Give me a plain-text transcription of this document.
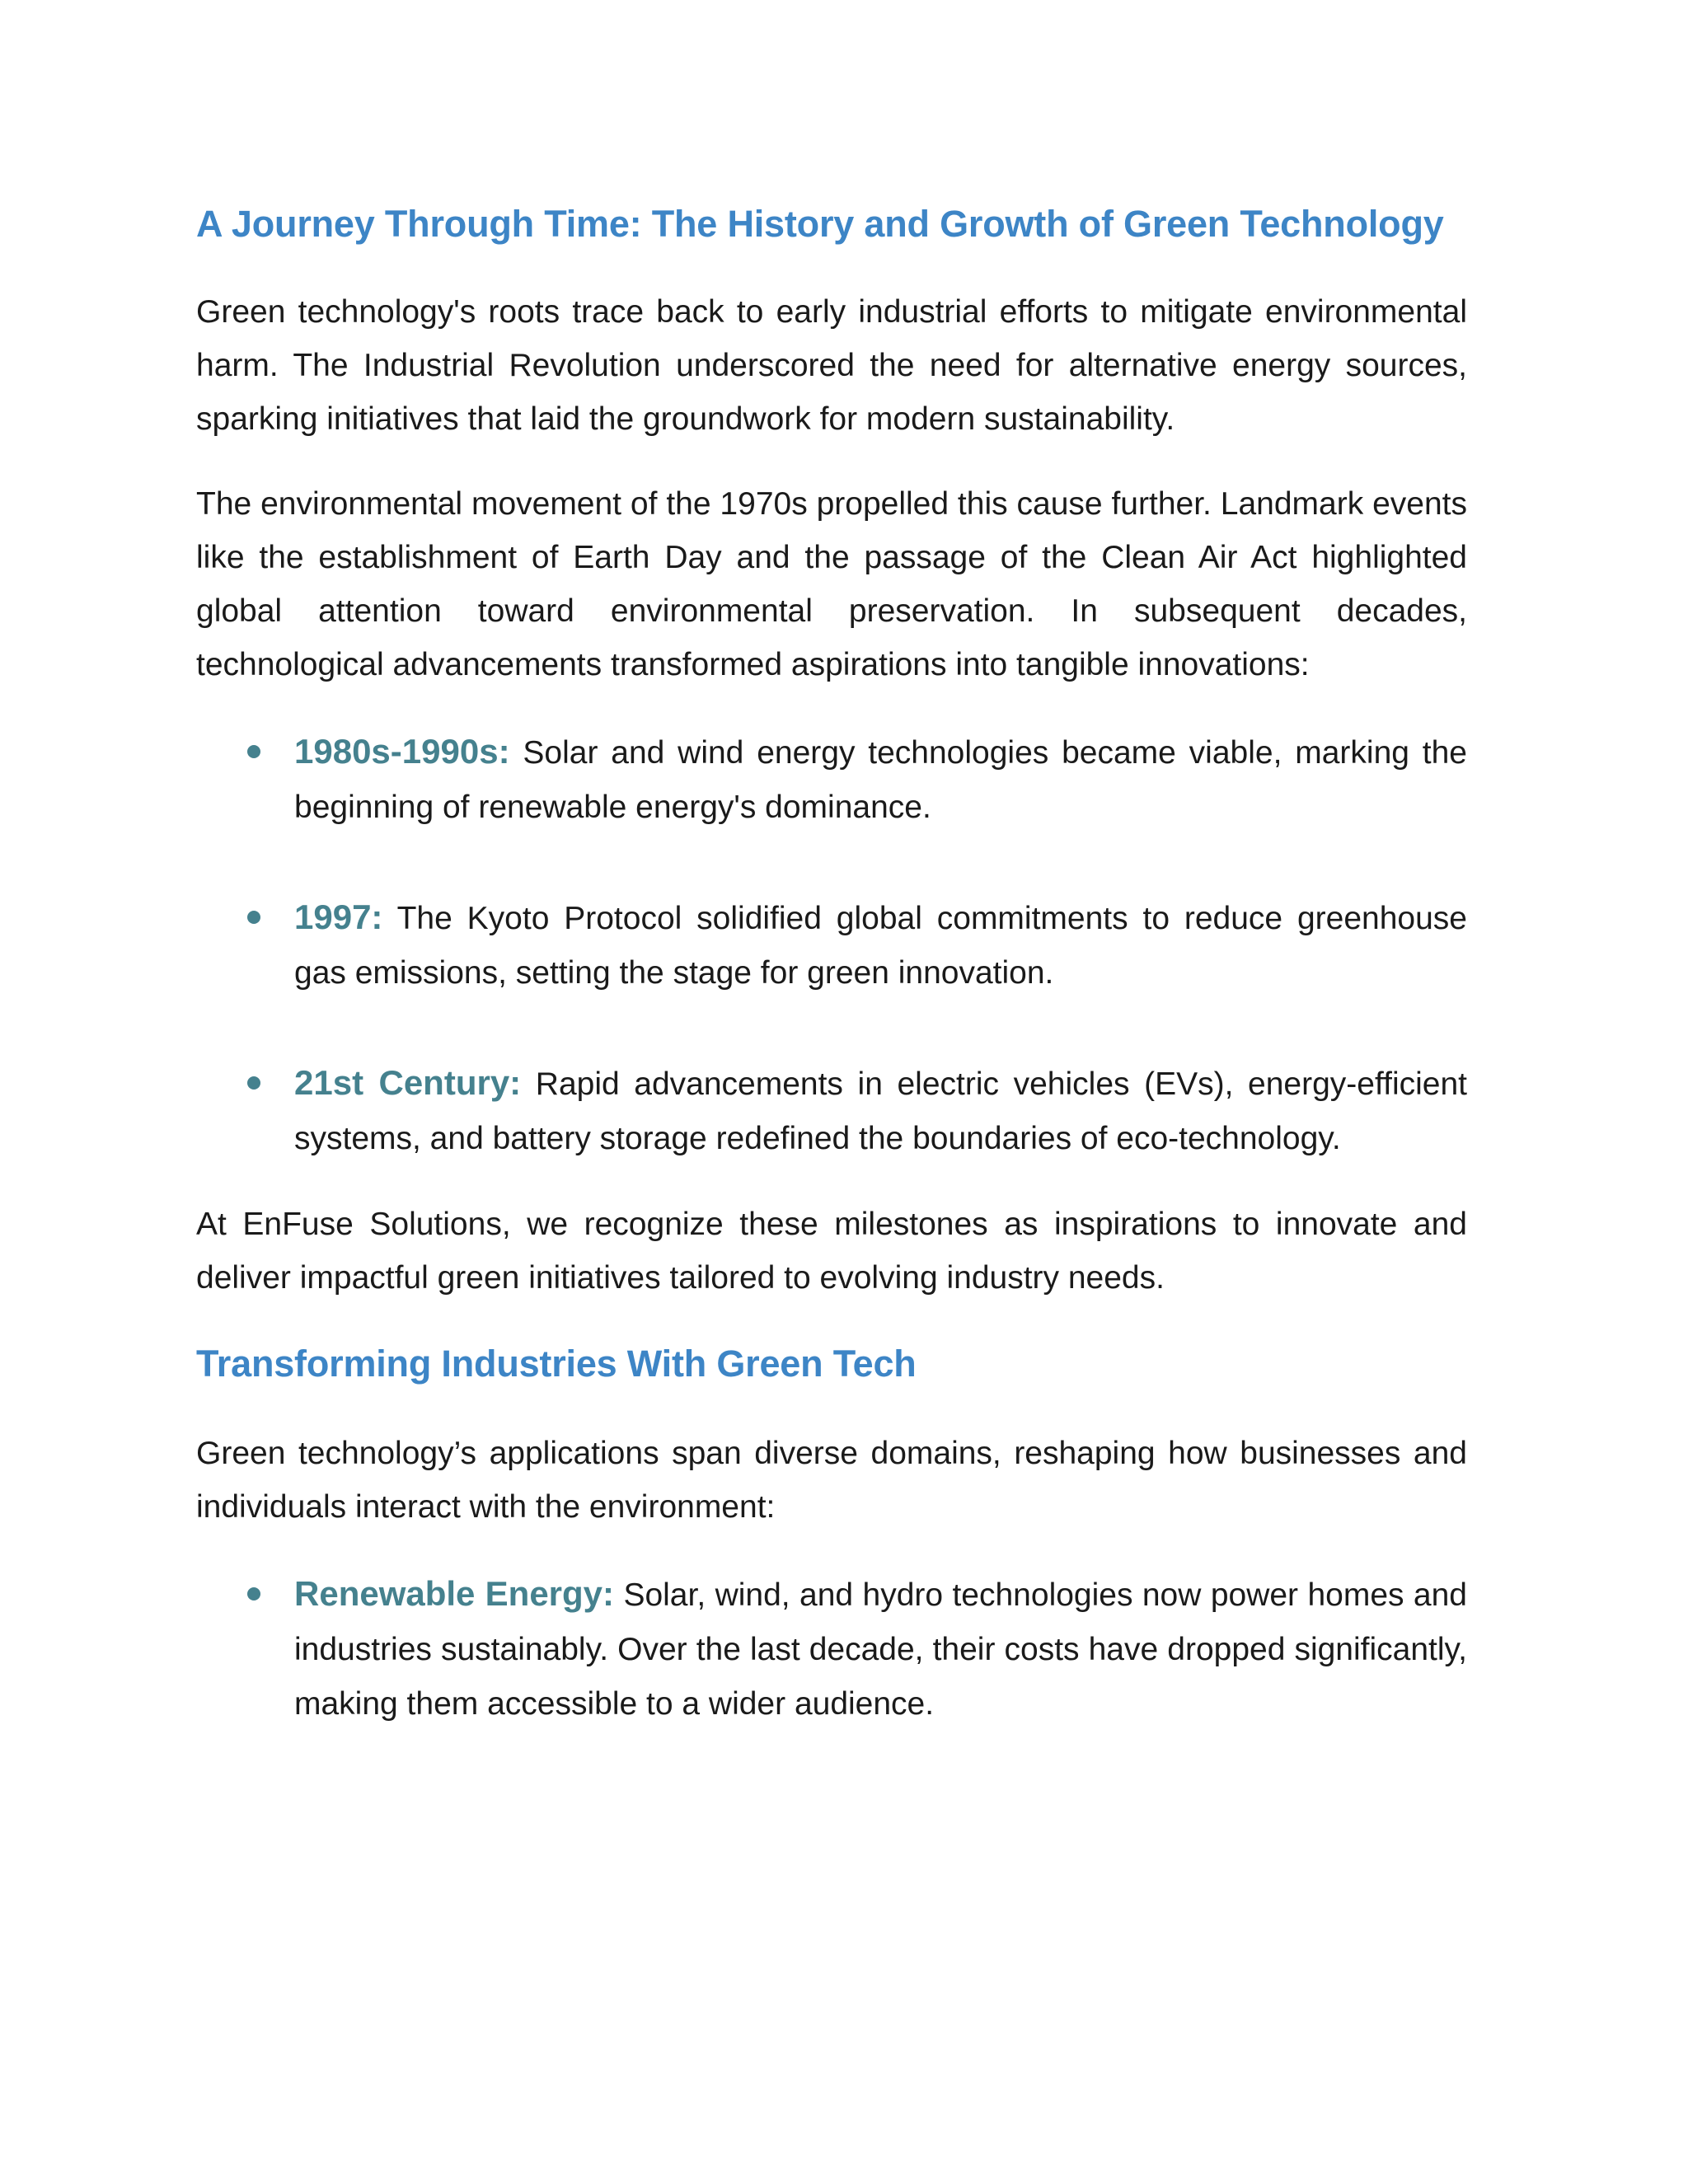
A Journey Through Time: The History and Growth of Green Technology

Green technology's roots trace back to early industrial efforts to mitigate environmental harm. The Industrial Revolution underscored the need for alternative energy sources, sparking initiatives that laid the groundwork for modern sustainability.

The environmental movement of the 1970s propelled this cause further. Landmark events like the establishment of Earth Day and the passage of the Clean Air Act highlighted global attention toward environmental preservation. In subsequent decades, technological advancements transformed aspirations into tangible innovations:

1980s-1990s: Solar and wind energy technologies became viable, marking the beginning of renewable energy's dominance.
1997: The Kyoto Protocol solidified global commitments to reduce greenhouse gas emissions, setting the stage for green innovation.
21st Century: Rapid advancements in electric vehicles (EVs), energy-efficient systems, and battery storage redefined the boundaries of eco-technology.

At EnFuse Solutions, we recognize these milestones as inspirations to innovate and deliver impactful green initiatives tailored to evolving industry needs.

Transforming Industries With Green Tech

Green technology’s applications span diverse domains, reshaping how businesses and individuals interact with the environment:

Renewable Energy: Solar, wind, and hydro technologies now power homes and industries sustainably. Over the last decade, their costs have dropped significantly, making them accessible to a wider audience.
